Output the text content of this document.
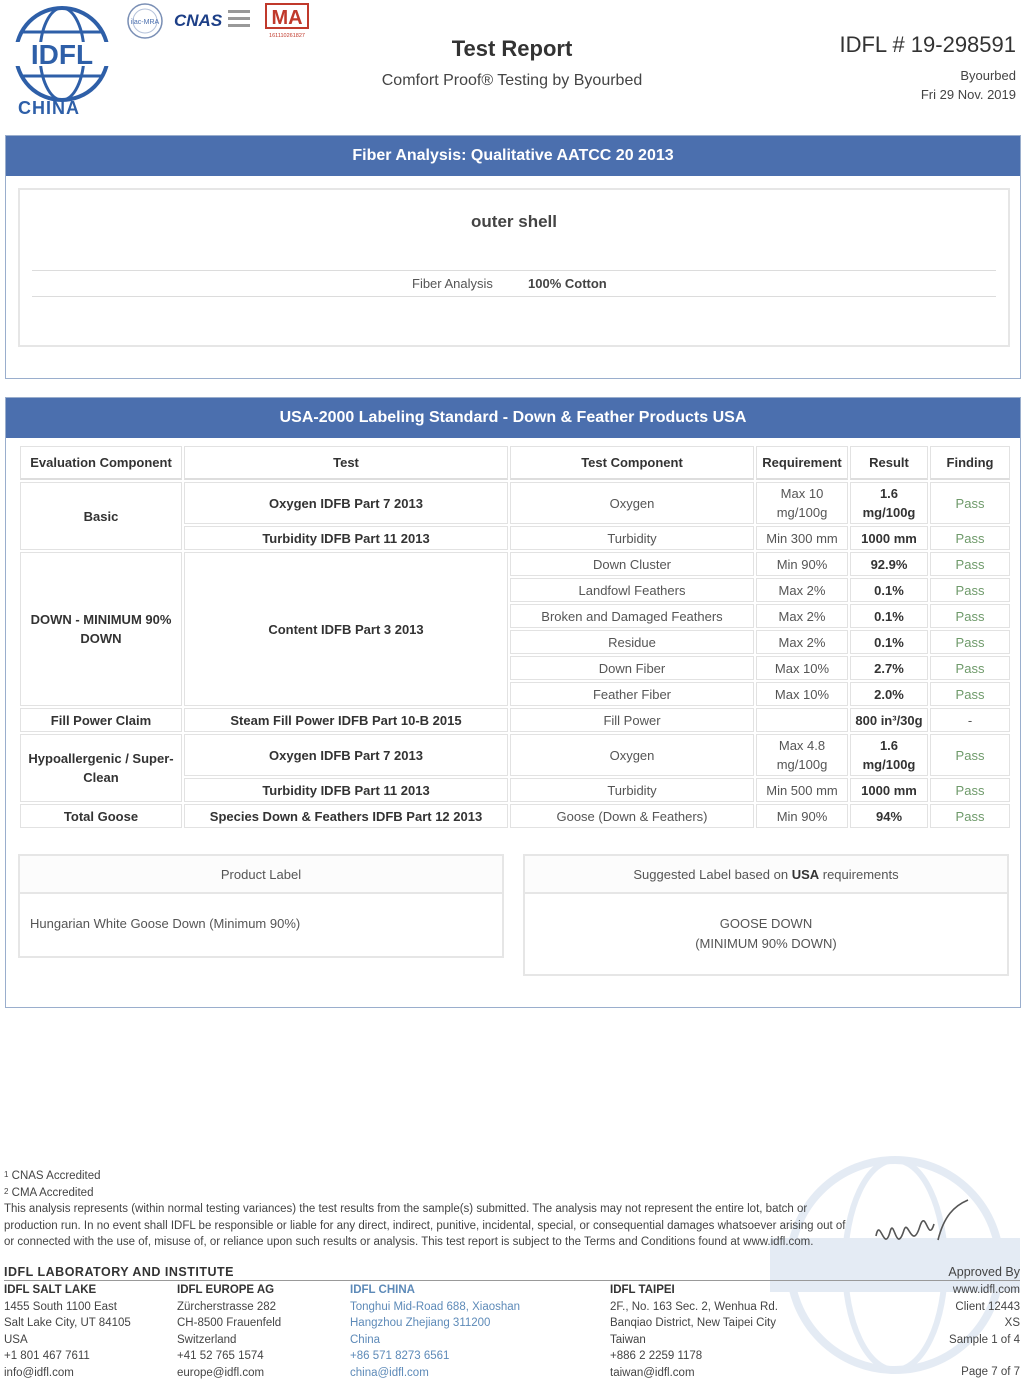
IDFL
CHINA
ilac-MRA CNAS MA
161110261827	Test Report
Comfort Proof® Testing by Byourbed
IDFL # 19-298591
Byourbed
Fri 29 Nov. 2019
Fiber Analysis: Qualitative AATCC 20 2013
outer shell
Fiber Analysis	100% Cotton
USA-2000 Labeling Standard - Down & Feather Products USA
Evaluation Component	Test	Test Component	Requirement	Result	Finding
Basic	Oxygen IDFB Part 7 2013	Oxygen	Max 10 mg/100g	1.6 mg/100g	Pass
	Turbidity IDFB Part 11 2013	Turbidity	Min 300 mm	1000 mm	Pass
DOWN - MINIMUM 90% DOWN	Content IDFB Part 3 2013	Down Cluster	Min 90%	92.9%	Pass
		Landfowl Feathers	Max 2%	0.1%	Pass
		Broken and Damaged Feathers	Max 2%	0.1%	Pass
		Residue	Max 2%	0.1%	Pass
		Down Fiber	Max 10%	2.7%	Pass
		Feather Fiber	Max 10%	2.0%	Pass
Fill Power Claim	Steam Fill Power IDFB Part 10-B 2015	Fill Power		800 in³/30g	-
Hypoallergenic / Super-Clean	Oxygen IDFB Part 7 2013	Oxygen	Max 4.8 mg/100g	1.6 mg/100g	Pass
	Turbidity IDFB Part 11 2013	Turbidity	Min 500 mm	1000 mm	Pass
Total Goose	Species Down & Feathers IDFB Part 12 2013	Goose (Down & Feathers)	Min 90%	94%	Pass
Product Label
Hungarian White Goose Down (Minimum 90%)
Suggested Label based on USA requirements
GOOSE DOWN
(MINIMUM 90% DOWN)
$^1$ CNAS Accredited
$^2$ CMA Accredited
This analysis represents (within normal testing variances) the test results from the sample(s) submitted. The analysis may not represent the entire lot, batch or production run. In no event shall IDFL be responsible or liable for any direct, indirect, punitive, incidental, special, or consequential damages whatsoever arising out of or connected with the use of, misuse of, or reliance upon such results or analysis. This test report is subject to the Terms and Conditions found at www.idfl.com.
IDFL LABORATORY AND INSTITUTE	Approved By
IDFL SALT LAKE
1455 South 1100 East
Salt Lake City, UT 84105
USA
+1 801 467 7611
info@idfl.com
IDFL EUROPE AG
Zürcherstrasse 282
CH-8500 Frauenfeld
Switzerland
+41 52 765 1574
europe@idfl.com
IDFL CHINA
Tonghui Mid-Road 688, Xiaoshan
Hangzhou Zhejiang 311200
China
+86 571 8273 6561
china@idfl.com
IDFL TAIPEI
2F., No. 163 Sec. 2, Wenhua Rd.
Banqiao District, New Taipei City
Taiwan
+886 2 2259 1178
taiwan@idfl.com
www.idfl.com
Client 12443
XS
Sample 1 of 4
Page 7 of 7
